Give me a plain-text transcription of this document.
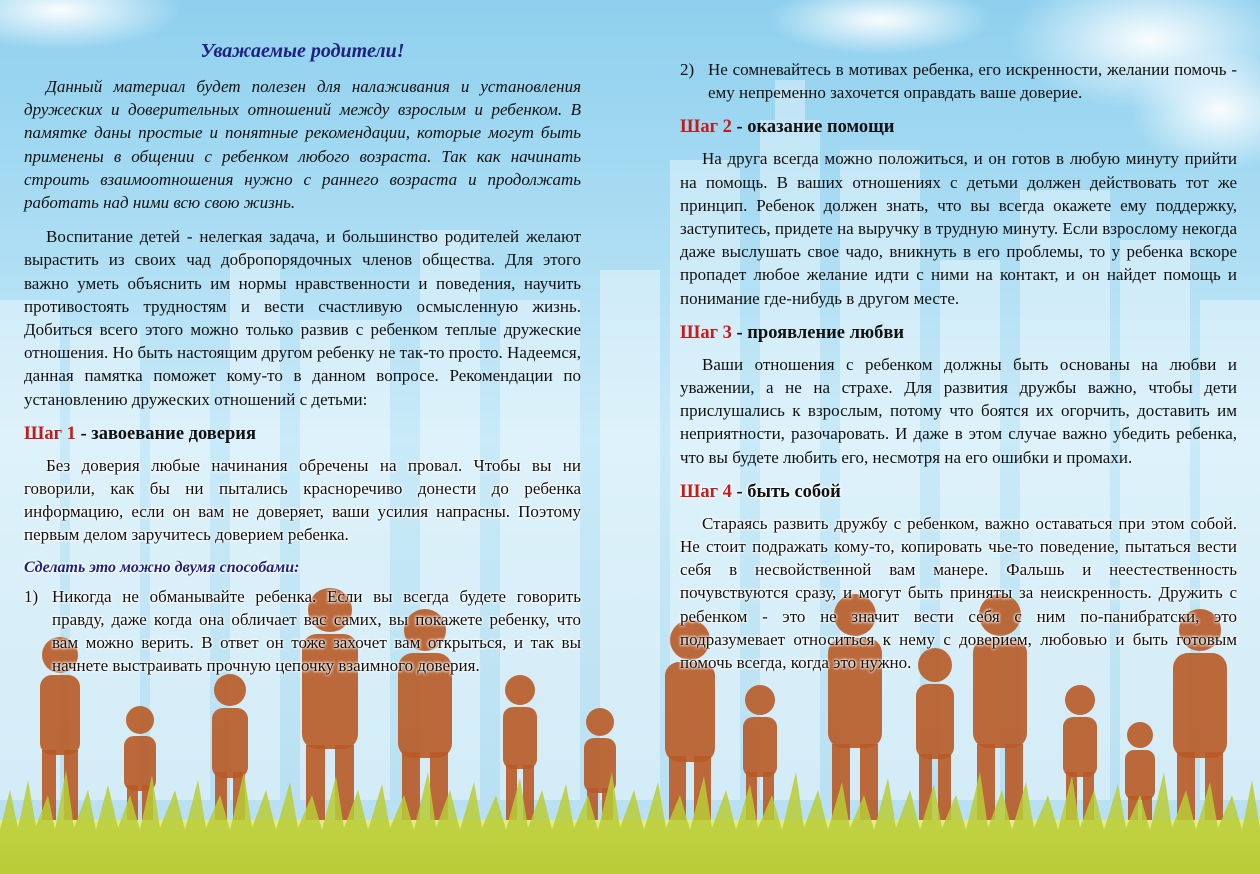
Уважаемые родители!

Данный материал будет полезен для налаживания и установления дружеских и доверительных отношений между взрослым и ребенком. В памятке даны простые и понятные рекомендации, которые могут быть применены в общении с ребенком любого возраста. Так как начинать строить взаимоотношения нужно с раннего возраста и продолжать работать над ними всю свою жизнь.

Воспитание детей - нелегкая задача, и большинство родителей желают вырастить из своих чад добропорядочных членов общества. Для этого важно уметь объяснить им нормы нравственности и поведения, научить противостоять трудностям и вести счастливую осмысленную жизнь. Добиться всего этого можно только развив с ребенком теплые дружеские отношения. Но быть настоящим другом ребенку не так-то просто. Надеемся, данная памятка поможет кому-то в данном вопросе. Рекомендации по установлению дружеских отношений с детьми:

Шаг 1 - завоевание доверия

Без доверия любые начинания обречены на провал. Чтобы вы ни говорили, как бы ни пытались красноречиво донести до ребенка информацию, если он вам не доверяет, ваши усилия напрасны. Поэтому первым делом заручитесь доверием ребенка.

Сделать это можно двумя способами:
1) Никогда не обманывайте ребенка. Если вы всегда будете говорить правду, даже когда она обличает вас самих, вы покажете ребенку, что вам можно верить. В ответ он тоже захочет вам открыться, и так вы начнете выстраивать прочную цепочку взаимного доверия.
2) Не сомневайтесь в мотивах ребенка, его искренности, желании помочь - ему непременно захочется оправдать ваше доверие.
Шаг 2 - оказание помощи

На друга всегда можно положиться, и он готов в любую минуту прийти на помощь. В ваших отношениях с детьми должен действовать тот же принцип. Ребенок должен знать, что вы всегда окажете ему поддержку, заступитесь, придете на выручку в трудную минуту. Если взрослому некогда даже выслушать свое чадо, вникнуть в его проблемы, то у ребенка вскоре пропадет любое желание идти с ними на контакт, и он найдет помощь и понимание где-нибудь в другом месте.

Шаг 3 - проявление любви

Ваши отношения с ребенком должны быть основаны на любви и уважении, а не на страхе. Для развития дружбы важно, чтобы дети прислушались к взрослым, потому что боятся их огорчить, доставить им неприятности, разочаровать. И даже в этом случае важно убедить ребенка, что вы будете любить его, несмотря на его ошибки и промахи.

Шаг 4 - быть собой

Стараясь развить дружбу с ребенком, важно оставаться при этом собой. Не стоит подражать кому-то, копировать чье-то поведение, пытаться вести себя в несвойственной вам манере. Фальшь и неестественность почувствуются сразу, и могут быть приняты за неискренность. Дружить с ребенком - это не значит вести себя с ним по-панибратски, это подразумевает относиться к нему с доверием, любовью и быть готовым помочь всегда, когда это нужно.
